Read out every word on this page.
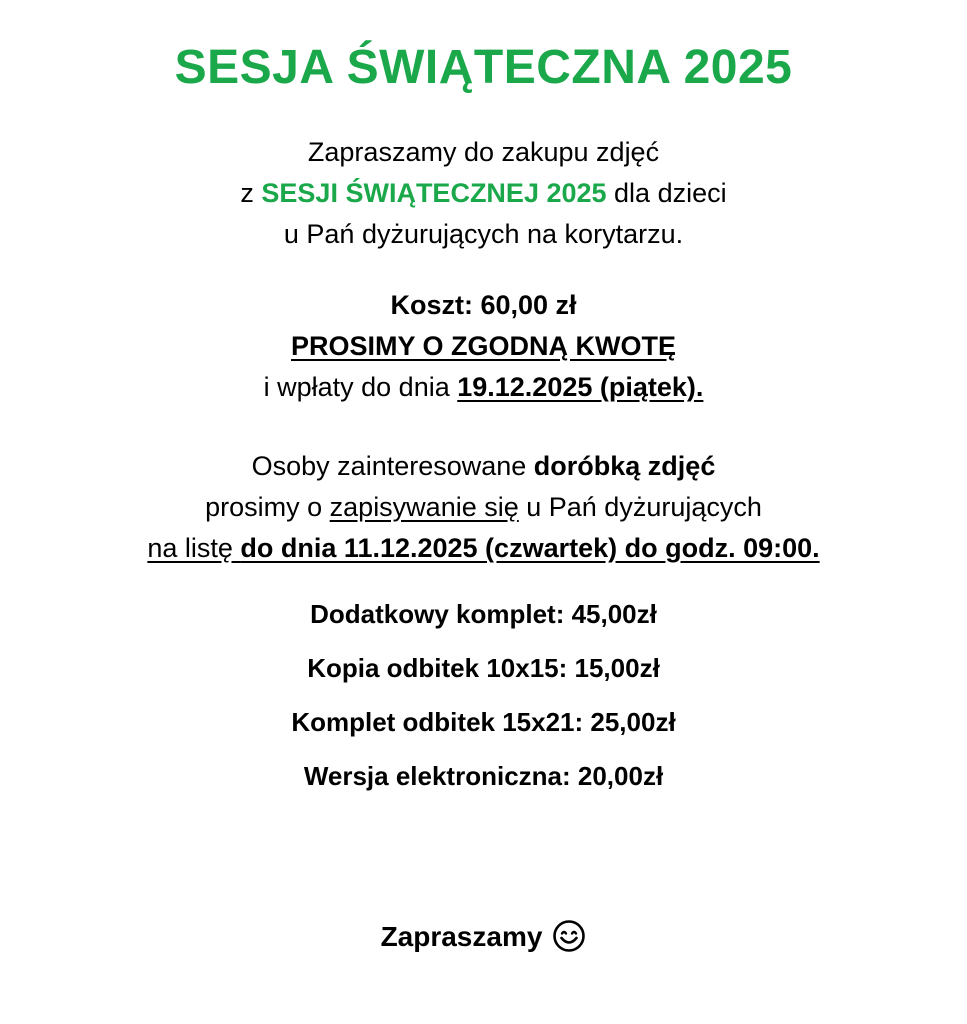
SESJA ŚWIĄTECZNA 2025
Zapraszamy do zakupu zdjęć
z SESJI ŚWIĄTECZNEJ 2025 dla dzieci
u Pań dyżurujących na korytarzu.
Koszt: 60,00 zł
PROSIMY O ZGODNĄ KWOTĘ
i wpłaty do dnia 19.12.2025 (piątek).
Osoby zainteresowane doróbką zdjęć
prosimy o zapisywanie się u Pań dyżurujących
na listę do dnia 11.12.2025 (czwartek) do godz. 09:00.
Dodatkowy komplet: 45,00zł
Kopia odbitek 10x15: 15,00zł
Komplet odbitek 15x21: 25,00zł
Wersja elektroniczna: 20,00zł
Zapraszamy
